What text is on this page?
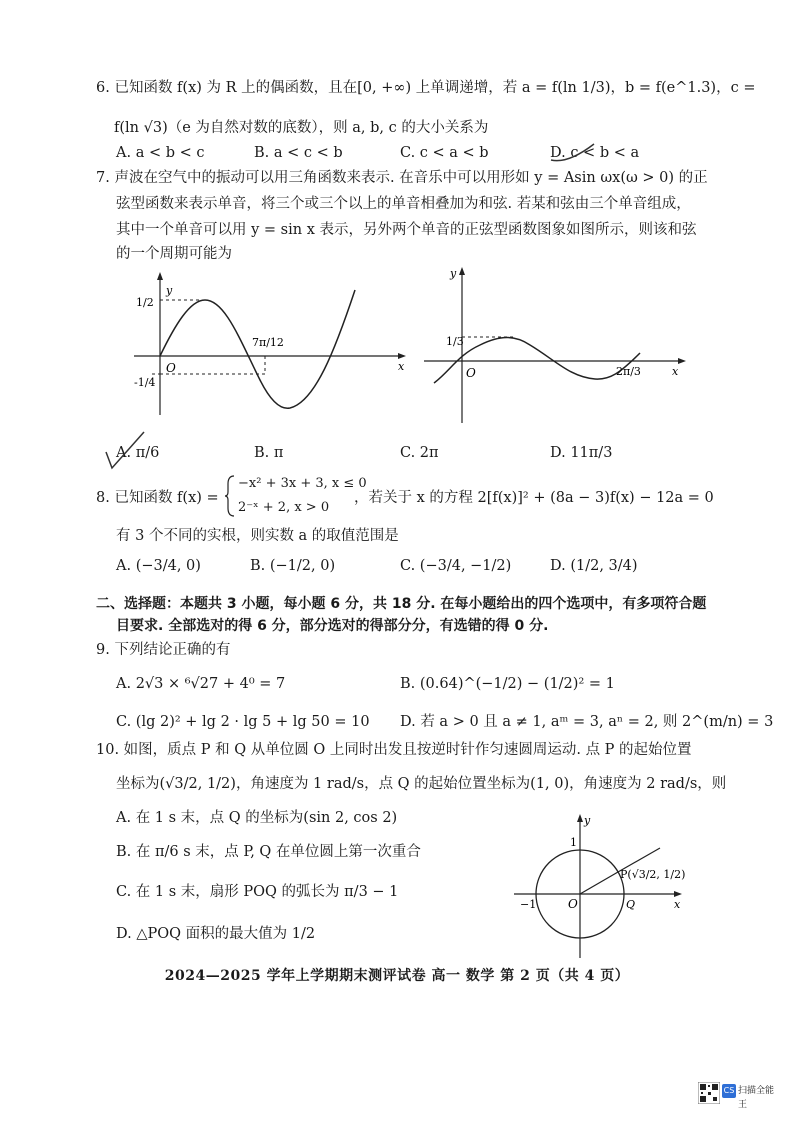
6. 已知函数 f(x) 为 R 上的偶函数，且在[0, +∞) 上单调递增，若 a = f(ln 1/3)，b = f(e^1.3)，c =
f(ln √3)（e 为自然对数的底数），则 a, b, c 的大小关系为
A. a < b < c	B. a < c < b	C. c < a < b	D. c < b < a
7. 声波在空气中的振动可以用三角函数来表示. 在音乐中可以用形如 y = Asin ωx(ω > 0) 的正
弦型函数来表示单音，将三个或三个以上的单音相叠加为和弦. 若某和弦由三个单音组成，
其中一个单音可以用 y = sin x 表示，另外两个单音的正弦型函数图象如图所示，则该和弦
的一个周期可能为
y
x
O
1/2
-1/4
7π/12
y
x
O
1/3
2π/3
A. π/6	B. π	C. 2π	D. 11π/3
8. 已知函数 f(x) =
−x² + 3x + 3, x ≤ 0
2⁻ˣ + 2, x > 0
，若关于 x 的方程 2[f(x)]² + (8a − 3)f(x) − 12a = 0
有 3 个不同的实根，则实数 a 的取值范围是
A. (−3/4, 0)	B. (−1/2, 0)	C. (−3/4, −1/2)	D. (1/2, 3/4)
二、选择题：本题共 3 小题，每小题 6 分，共 18 分. 在每小题给出的四个选项中，有多项符合题
目要求. 全部选对的得 6 分，部分选对的得部分分，有选错的得 0 分.
9. 下列结论正确的有
A. 2√3 × ⁶√27 + 4⁰ = 7	B. (0.64)^(−1/2) − (1/2)² = 1
C. (lg 2)² + lg 2 · lg 5 + lg 50 = 10 D. 若 a > 0 且 a ≠ 1, aᵐ = 3, aⁿ = 2, 则 2^(m/n) = 3
10. 如图，质点 P 和 Q 从单位圆 O 上同时出发且按逆时针作匀速圆周运动. 点 P 的起始位置
坐标为(√3/2, 1/2)，角速度为 1 rad/s，点 Q 的起始位置坐标为(1, 0)，角速度为 2 rad/s，则
A. 在 1 s 末，点 Q 的坐标为(sin 2, cos 2)
B. 在 π/6 s 末，点 P, Q 在单位圆上第一次重合
C. 在 1 s 末，扇形 POQ 的弧长为 π/3 − 1
D. △POQ 面积的最大值为 1/2
y
x
O
1
−1
P(√3/2, 1/2)
Q
2024—2025 学年上学期期末测评试卷 高一 数学 第 2 页（共 4 页）
CS 扫描全能王
